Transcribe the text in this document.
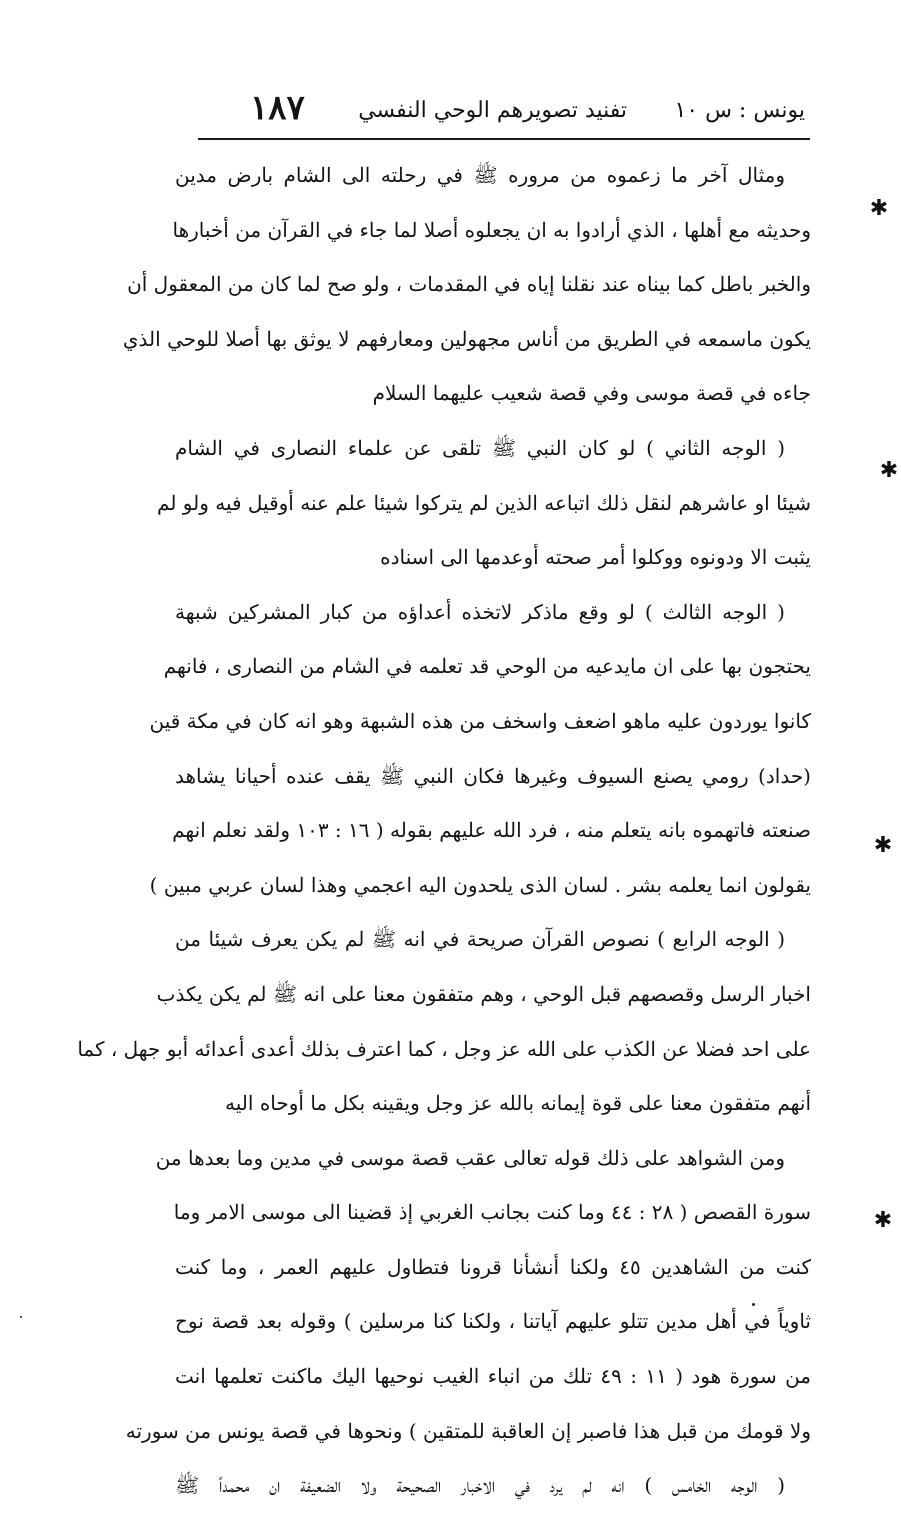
يونس : س ١٠
تفنيد تصويرهم الوحي النفسي
١٨٧
ومثال آخر ما زعموه من مروره ﷺ في رحلته الى الشام بارض مدين
وحديثه مع أهلها ، الذي أرادوا به ان يجعلوه أصلا لما جاء في القرآن من أخبارها
والخبر باطل كما بيناه عند نقلنا إياه في المقدمات ، ولو صح لما كان من المعقول أن
يكون ماسمعه في الطريق من أناس مجهولين ومعارفهم لا يوثق بها أصلا للوحي الذي
جاءه في قصة موسى وفي قصة شعيب عليهما السلام
( الوجه الثاني ) لو كان النبي ﷺ تلقى عن علماء النصارى في الشام
شيئا او عاشرهم لنقل ذلك اتباعه الذين لم يتركوا شيئا علم عنه أوقيل فيه ولو لم
يثبت الا ودونوه ووكلوا أمر صحته أوعدمها الى اسناده
( الوجه الثالث ) لو وقع ماذكر لاتخذه أعداؤه من كبار المشركين شبهة
يحتجون بها على ان مايدعيه من الوحي قد تعلمه في الشام من النصارى ، فانهم
كانوا يوردون عليه ماهو اضعف واسخف من هذه الشبهة وهو انه كان في مكة قين
(حداد) رومي يصنع السيوف وغيرها فكان النبي ﷺ يقف عنده أحيانا يشاهد
صنعته فاتهموه بانه يتعلم منه ، فرد الله عليهم بقوله ( ١٦ : ١٠٣ ولقد نعلم انهم
يقولون انما يعلمه بشر . لسان الذى يلحدون اليه اعجمي وهذا لسان عربي مبين )
( الوجه الرابع ) نصوص القرآن صريحة في انه ﷺ لم يكن يعرف شيئا من
اخبار الرسل وقصصهم قبل الوحي ، وهم متفقون معنا على انه ﷺ لم يكن يكذب
على احد فضلا عن الكذب على الله عز وجل ، كما اعترف بذلك أعدى أعدائه أبو جهل ، كما
أنهم متفقون معنا على قوة إيمانه بالله عز وجل ويقينه بكل ما أوحاه اليه
ومن الشواهد على ذلك قوله تعالى عقب قصة موسى في مدين وما بعدها من
سورة القصص ( ٢٨ : ٤٤ وما كنت بجانب الغربي إذ قضينا الى موسى الامر وما
كنت من الشاهدين ٤٥ ولكنا أنشأنا قرونا فتطاول عليهم العمر ، وما كنت
ثاوياً في أهل مدين تتلو عليهم آياتنا ، ولكنا كنا مرسلين ) وقوله بعد قصة نوح
من سورة هود ( ١١ : ٤٩ تلك من انباء الغيب نوحيها اليك ماكنت تعلمها انت
ولا قومك من قبل هذا فاصبر إن العاقبة للمتقين ) ونحوها في قصة يونس من سورته
( الوجه الخامس ) انه لم يرد في الاخبار الصحيحة ولا الضعيفة ان محمداً ﷺ
✱
✱
✱
✱
